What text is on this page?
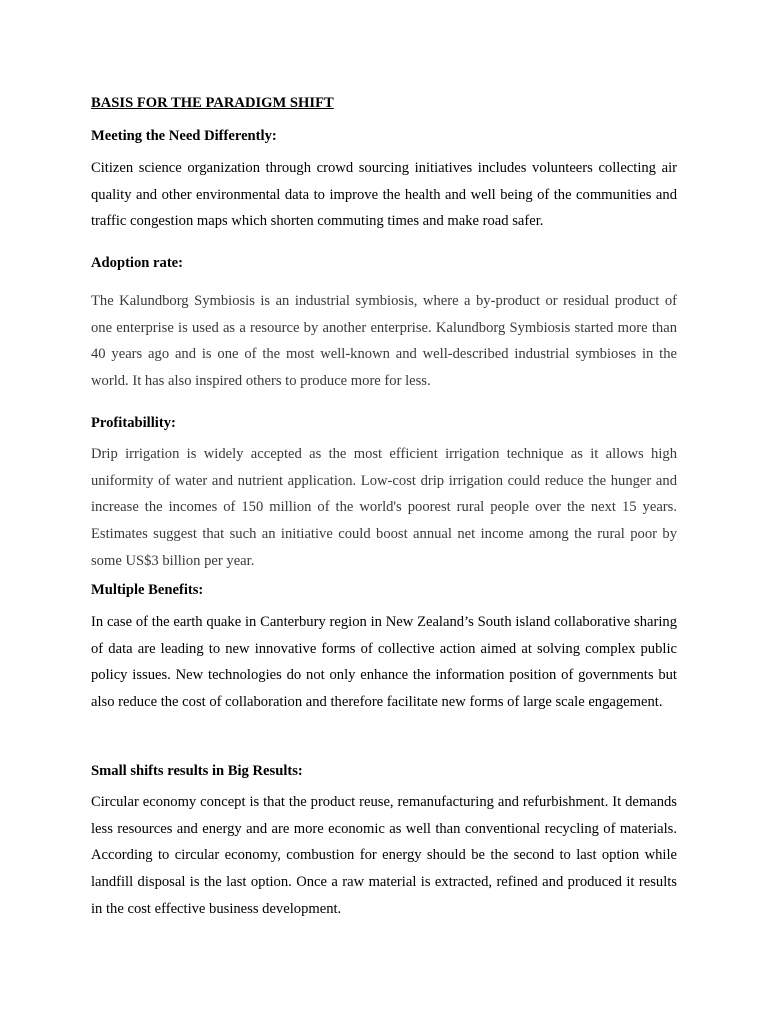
BASIS FOR THE PARADIGM SHIFT
Meeting the Need Differently:

Citizen science organization through crowd sourcing initiatives includes volunteers collecting air quality and other environmental data to improve the health and well being of the communities and traffic congestion maps which shorten commuting times and make road safer.

Adoption rate:

The Kalundborg Symbiosis is an industrial symbiosis, where a by-product or residual product of one enterprise is used as a resource by another enterprise. Kalundborg Symbiosis started more than 40 years ago and is one of the most well-known and well-described industrial symbioses in the world. It has also inspired others to produce more for less.

Profitabillity:

Drip irrigation is widely accepted as the most efficient irrigation technique as it allows high uniformity of water and nutrient application. Low-cost drip irrigation could reduce the hunger and increase the incomes of 150 million of the world's poorest rural people over the next 15 years. Estimates suggest that such an initiative could boost annual net income among the rural poor by some US$3 billion per year.

Multiple Benefits:

In case of the earth quake in Canterbury region in New Zealand’s South island collaborative sharing of data are leading to new innovative forms of collective action aimed at solving complex public policy issues. New technologies do not only enhance the information position of governments but also reduce the cost of collaboration and therefore facilitate new forms of large scale engagement.

Small shifts results in Big Results:

Circular economy concept is that the product reuse, remanufacturing and refurbishment. It demands less resources and energy and are more economic as well than conventional recycling of materials. According to circular economy, combustion for energy should be the second to last option while landfill disposal is the last option. Once a raw material is extracted, refined and produced it results in the cost effective business development.
